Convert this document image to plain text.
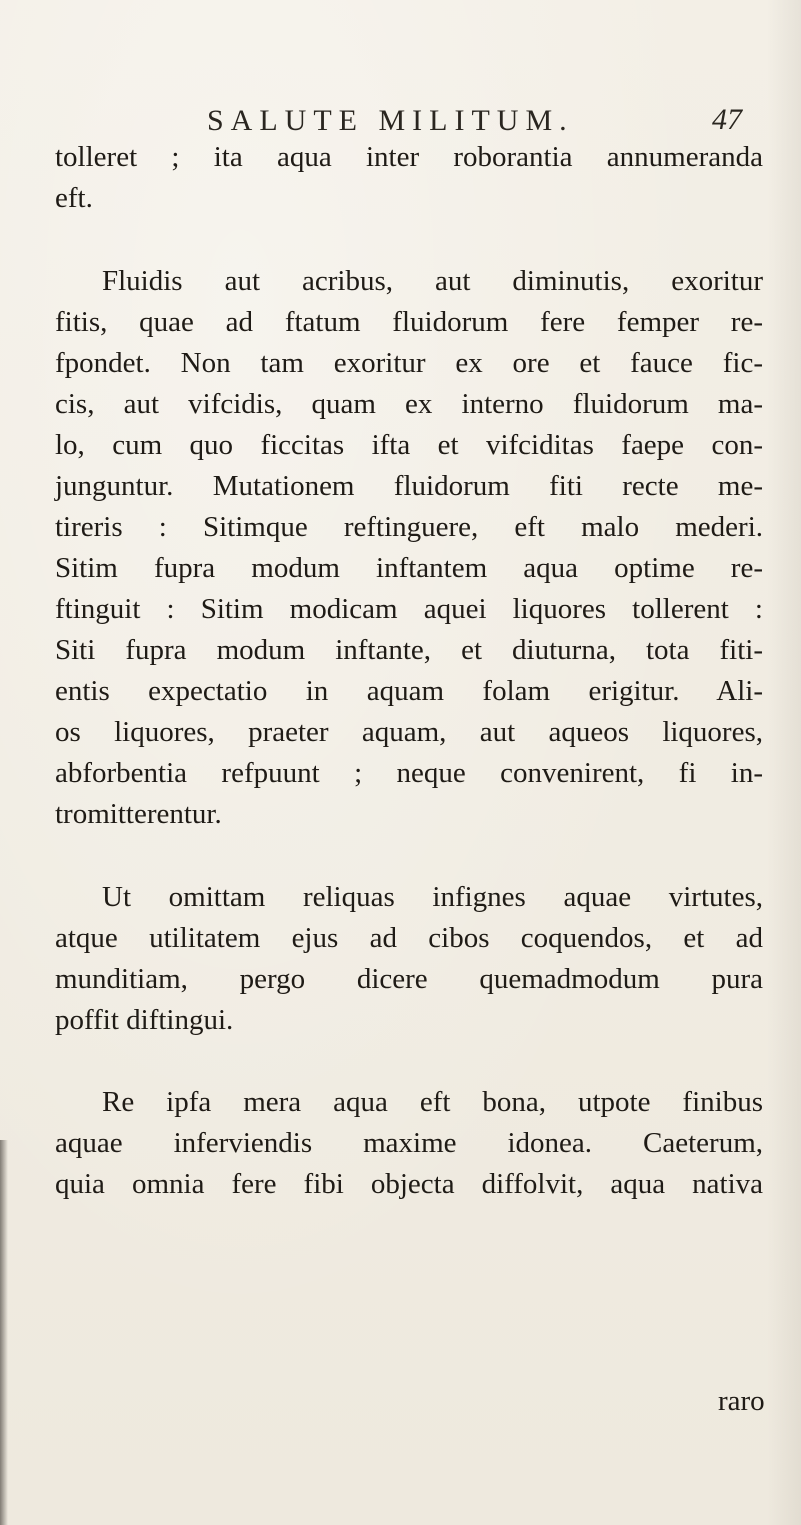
SALUTE MILITUM.	47
tolleret ; ita aqua inter roborantia annumeranda
eft.
Fluidis aut acribus, aut diminutis, exoritur
fitis, quae ad ftatum fluidorum fere femper re-
fpondet. Non tam exoritur ex ore et fauce fic-
cis, aut vifcidis, quam ex interno fluidorum ma-
lo, cum quo ficcitas ifta et vifciditas faepe con-
junguntur. Mutationem fluidorum fiti recte me-
tireris : Sitimque reftinguere, eft malo mederi.
Sitim fupra modum inftantem aqua optime re-
ftinguit : Sitim modicam aquei liquores tollerent :
Siti fupra modum inftante, et diuturna, tota fiti-
entis expectatio in aquam folam erigitur. Ali-
os liquores, praeter aquam, aut aqueos liquores,
abforbentia refpuunt ; neque convenirent, fi in-
tromitterentur.
Ut omittam reliquas infignes aquae virtutes,
atque utilitatem ejus ad cibos coquendos, et ad
munditiam, pergo dicere quemadmodum pura
poffit diftingui.
Re ipfa mera aqua eft bona, utpote finibus
aquae inferviendis maxime idonea. Caeterum,
quia omnia fere fibi objecta diffolvit, aqua nativa
raro
